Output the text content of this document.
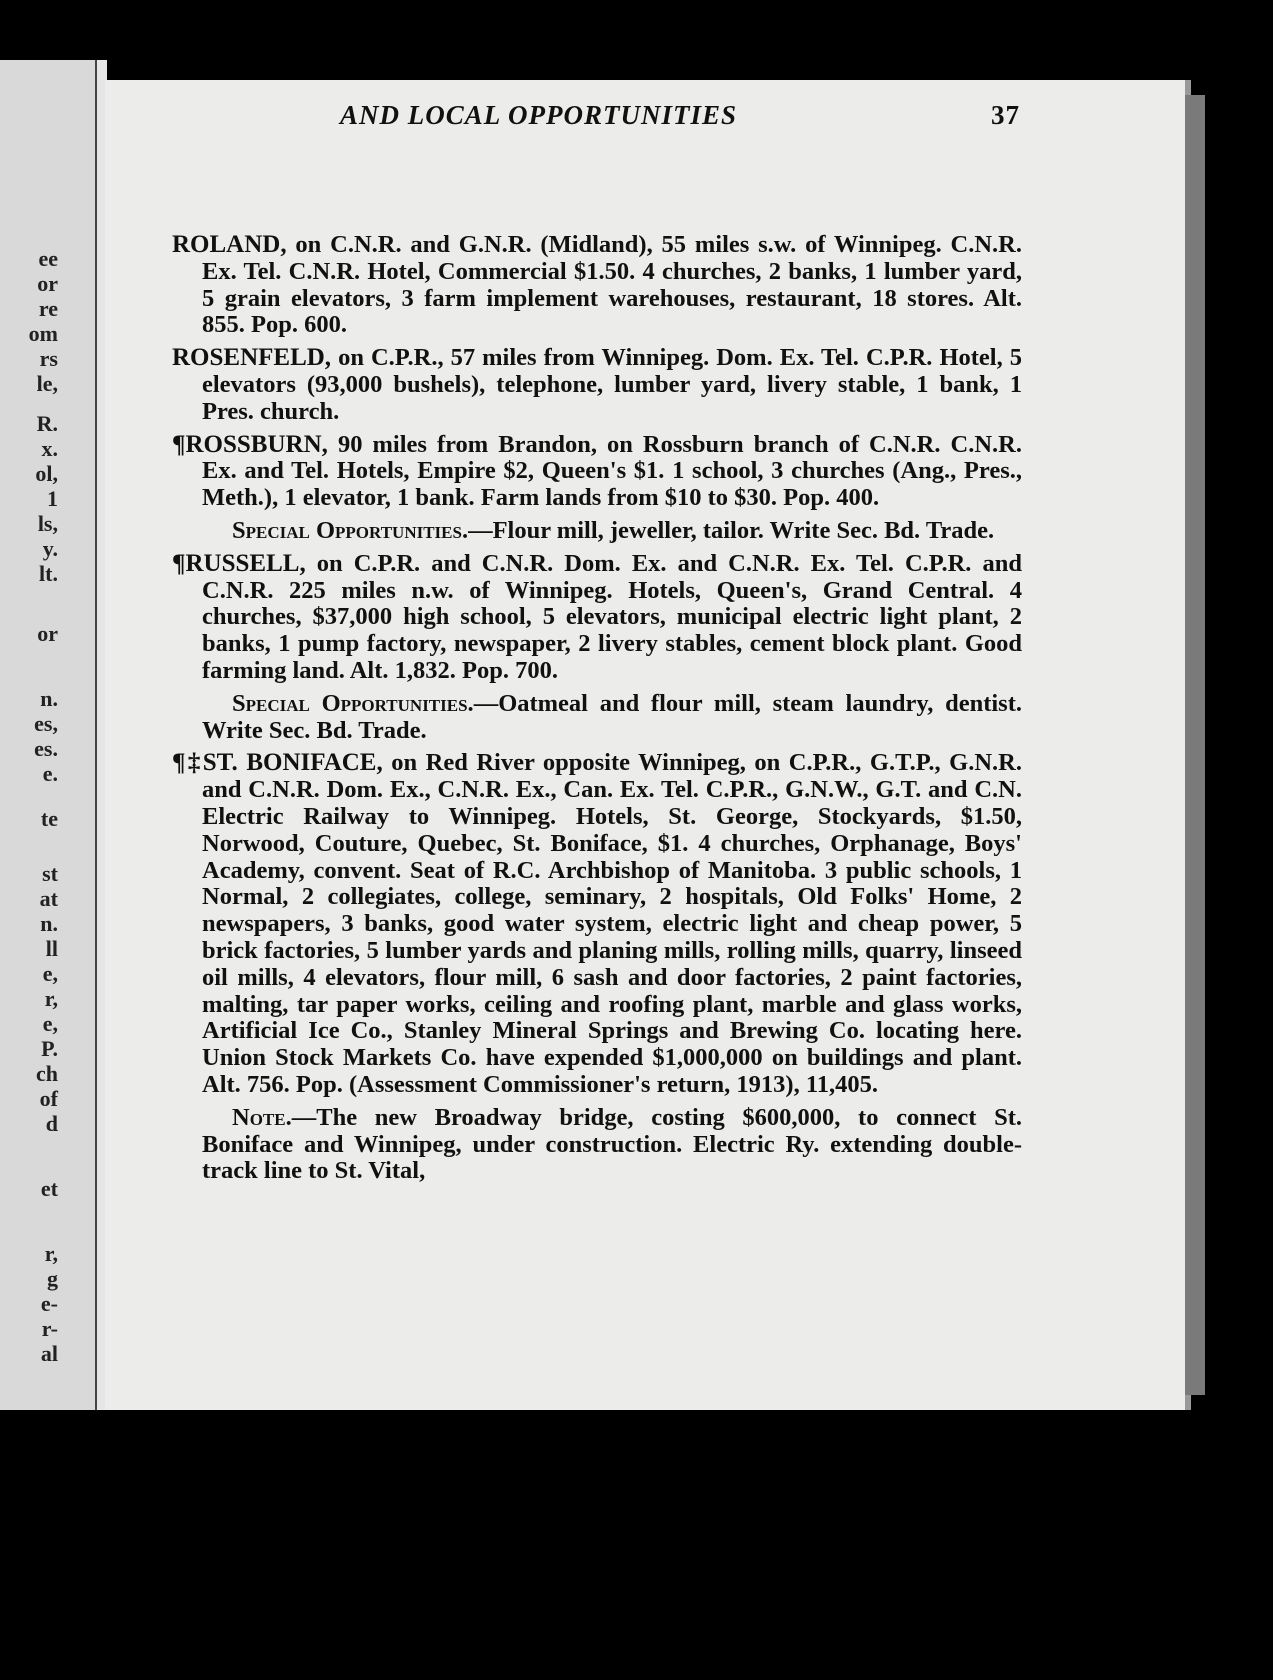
ee
or
re
om
rs
le,
R.
x.
ol,
1
ls,
y.
lt.
or
n.
es,
es.
e.
te
st
at
n.
ll
e,
r,
e,
P.
ch
of
d
et
r,
g
e-
r-
al
AND LOCAL OPPORTUNITIES	37

ROLAND, on C.N.R. and G.N.R. (Midland), 55 miles s.w. of Winnipeg. C.N.R. Ex. Tel. C.N.R. Hotel, Commercial $1.50. 4 churches, 2 banks, 1 lumber yard, 5 grain elevators, 3 farm implement warehouses, restaurant, 18 stores. Alt. 855. Pop. 600.

ROSENFELD, on C.P.R., 57 miles from Winnipeg. Dom. Ex. Tel. C.P.R. Hotel, 5 elevators (93,000 bushels), telephone, lumber yard, livery stable, 1 bank, 1 Pres. church.

¶ROSSBURN, 90 miles from Brandon, on Rossburn branch of C.N.R. C.N.R. Ex. and Tel. Hotels, Empire $2, Queen's $1. 1 school, 3 churches (Ang., Pres., Meth.), 1 elevator, 1 bank. Farm lands from $10 to $30. Pop. 400.

Special Opportunities.—Flour mill, jeweller, tailor. Write Sec. Bd. Trade.

¶RUSSELL, on C.P.R. and C.N.R. Dom. Ex. and C.N.R. Ex. Tel. C.P.R. and C.N.R. 225 miles n.w. of Winnipeg. Hotels, Queen's, Grand Central. 4 churches, $37,000 high school, 5 elevators, municipal electric light plant, 2 banks, 1 pump factory, newspaper, 2 livery stables, cement block plant. Good farming land. Alt. 1,832. Pop. 700.

Special Opportunities.—Oatmeal and flour mill, steam laundry, dentist. Write Sec. Bd. Trade.

¶‡ST. BONIFACE, on Red River opposite Winnipeg, on C.P.R., G.T.P., G.N.R. and C.N.R. Dom. Ex., C.N.R. Ex., Can. Ex. Tel. C.P.R., G.N.W., G.T. and C.N. Electric Railway to Winnipeg. Hotels, St. George, Stockyards, $1.50, Norwood, Couture, Quebec, St. Boniface, $1. 4 churches, Orphanage, Boys' Academy, convent. Seat of R.C. Archbishop of Manitoba. 3 public schools, 1 Normal, 2 collegiates, college, seminary, 2 hospitals, Old Folks' Home, 2 newspapers, 3 banks, good water system, electric light and cheap power, 5 brick factories, 5 lumber yards and planing mills, rolling mills, quarry, linseed oil mills, 4 elevators, flour mill, 6 sash and door factories, 2 paint factories, malting, tar paper works, ceiling and roofing plant, marble and glass works, Artificial Ice Co., Stanley Mineral Springs and Brewing Co. locating here. Union Stock Markets Co. have expended $1,000,000 on buildings and plant. Alt. 756. Pop. (Assessment Commissioner's return, 1913), 11,405.

Note.—The new Broadway bridge, costing $600,000, to connect St. Boniface and Winnipeg, under construction. Electric Ry. extending double-track line to St. Vital,
